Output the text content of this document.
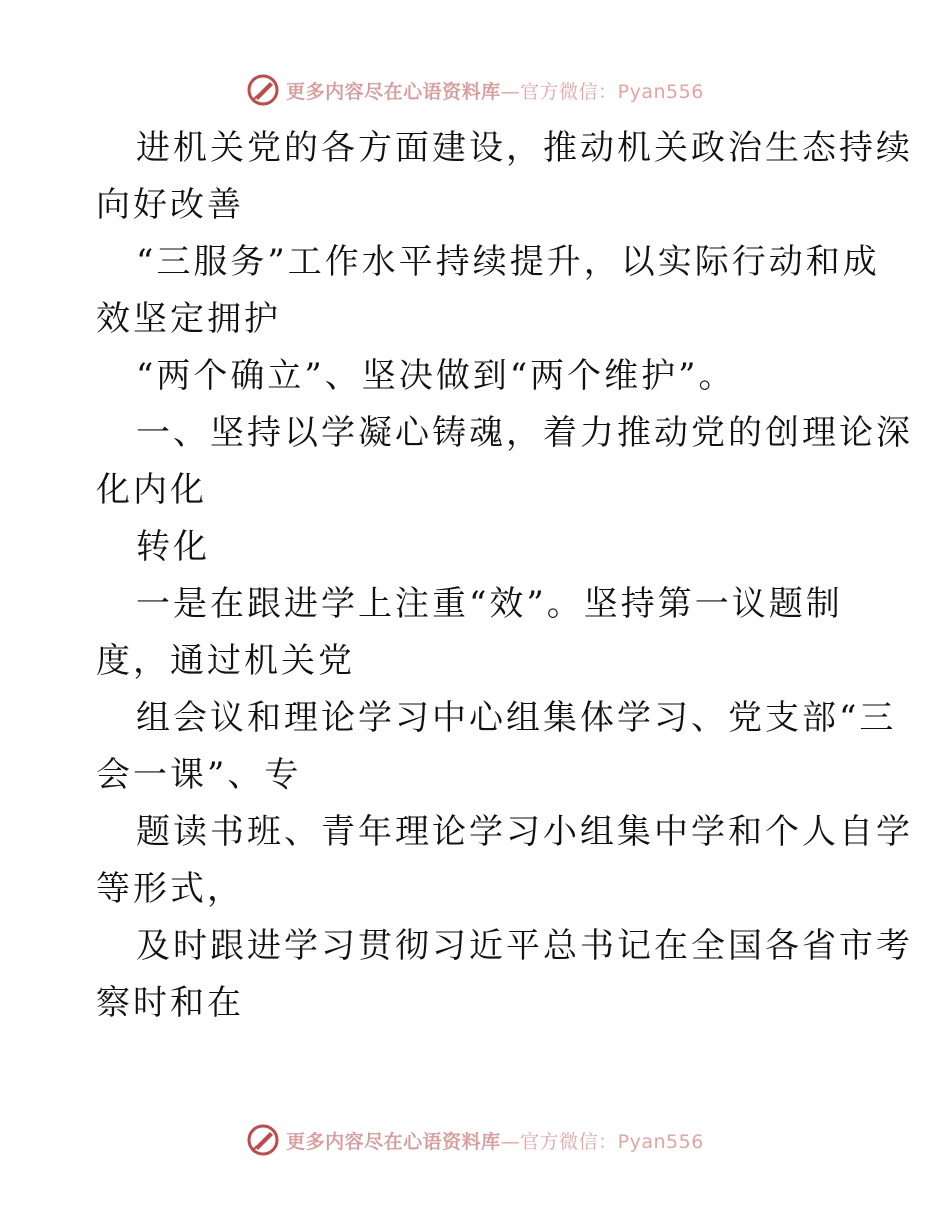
更多内容尽在心语资料库—官方微信：Pyan556
进机关党的各方面建设，推动机关政治生态持续
向好改善
“三服务”工作水平持续提升，以实际行动和成
效坚定拥护
“两个确立”、坚决做到“两个维护”。
一、坚持以学凝心铸魂，着力推动党的创理论深
化内化
转化
一是在跟进学上注重“效”。坚持第一议题制
度，通过机关党
组会议和理论学习中心组集体学习、党支部“三
会一课”、专
题读书班、青年理论学习小组集中学和个人自学
等形式，
及时跟进学习贯彻习近平总书记在全国各省市考
察时和在
更多内容尽在心语资料库—官方微信：Pyan556
